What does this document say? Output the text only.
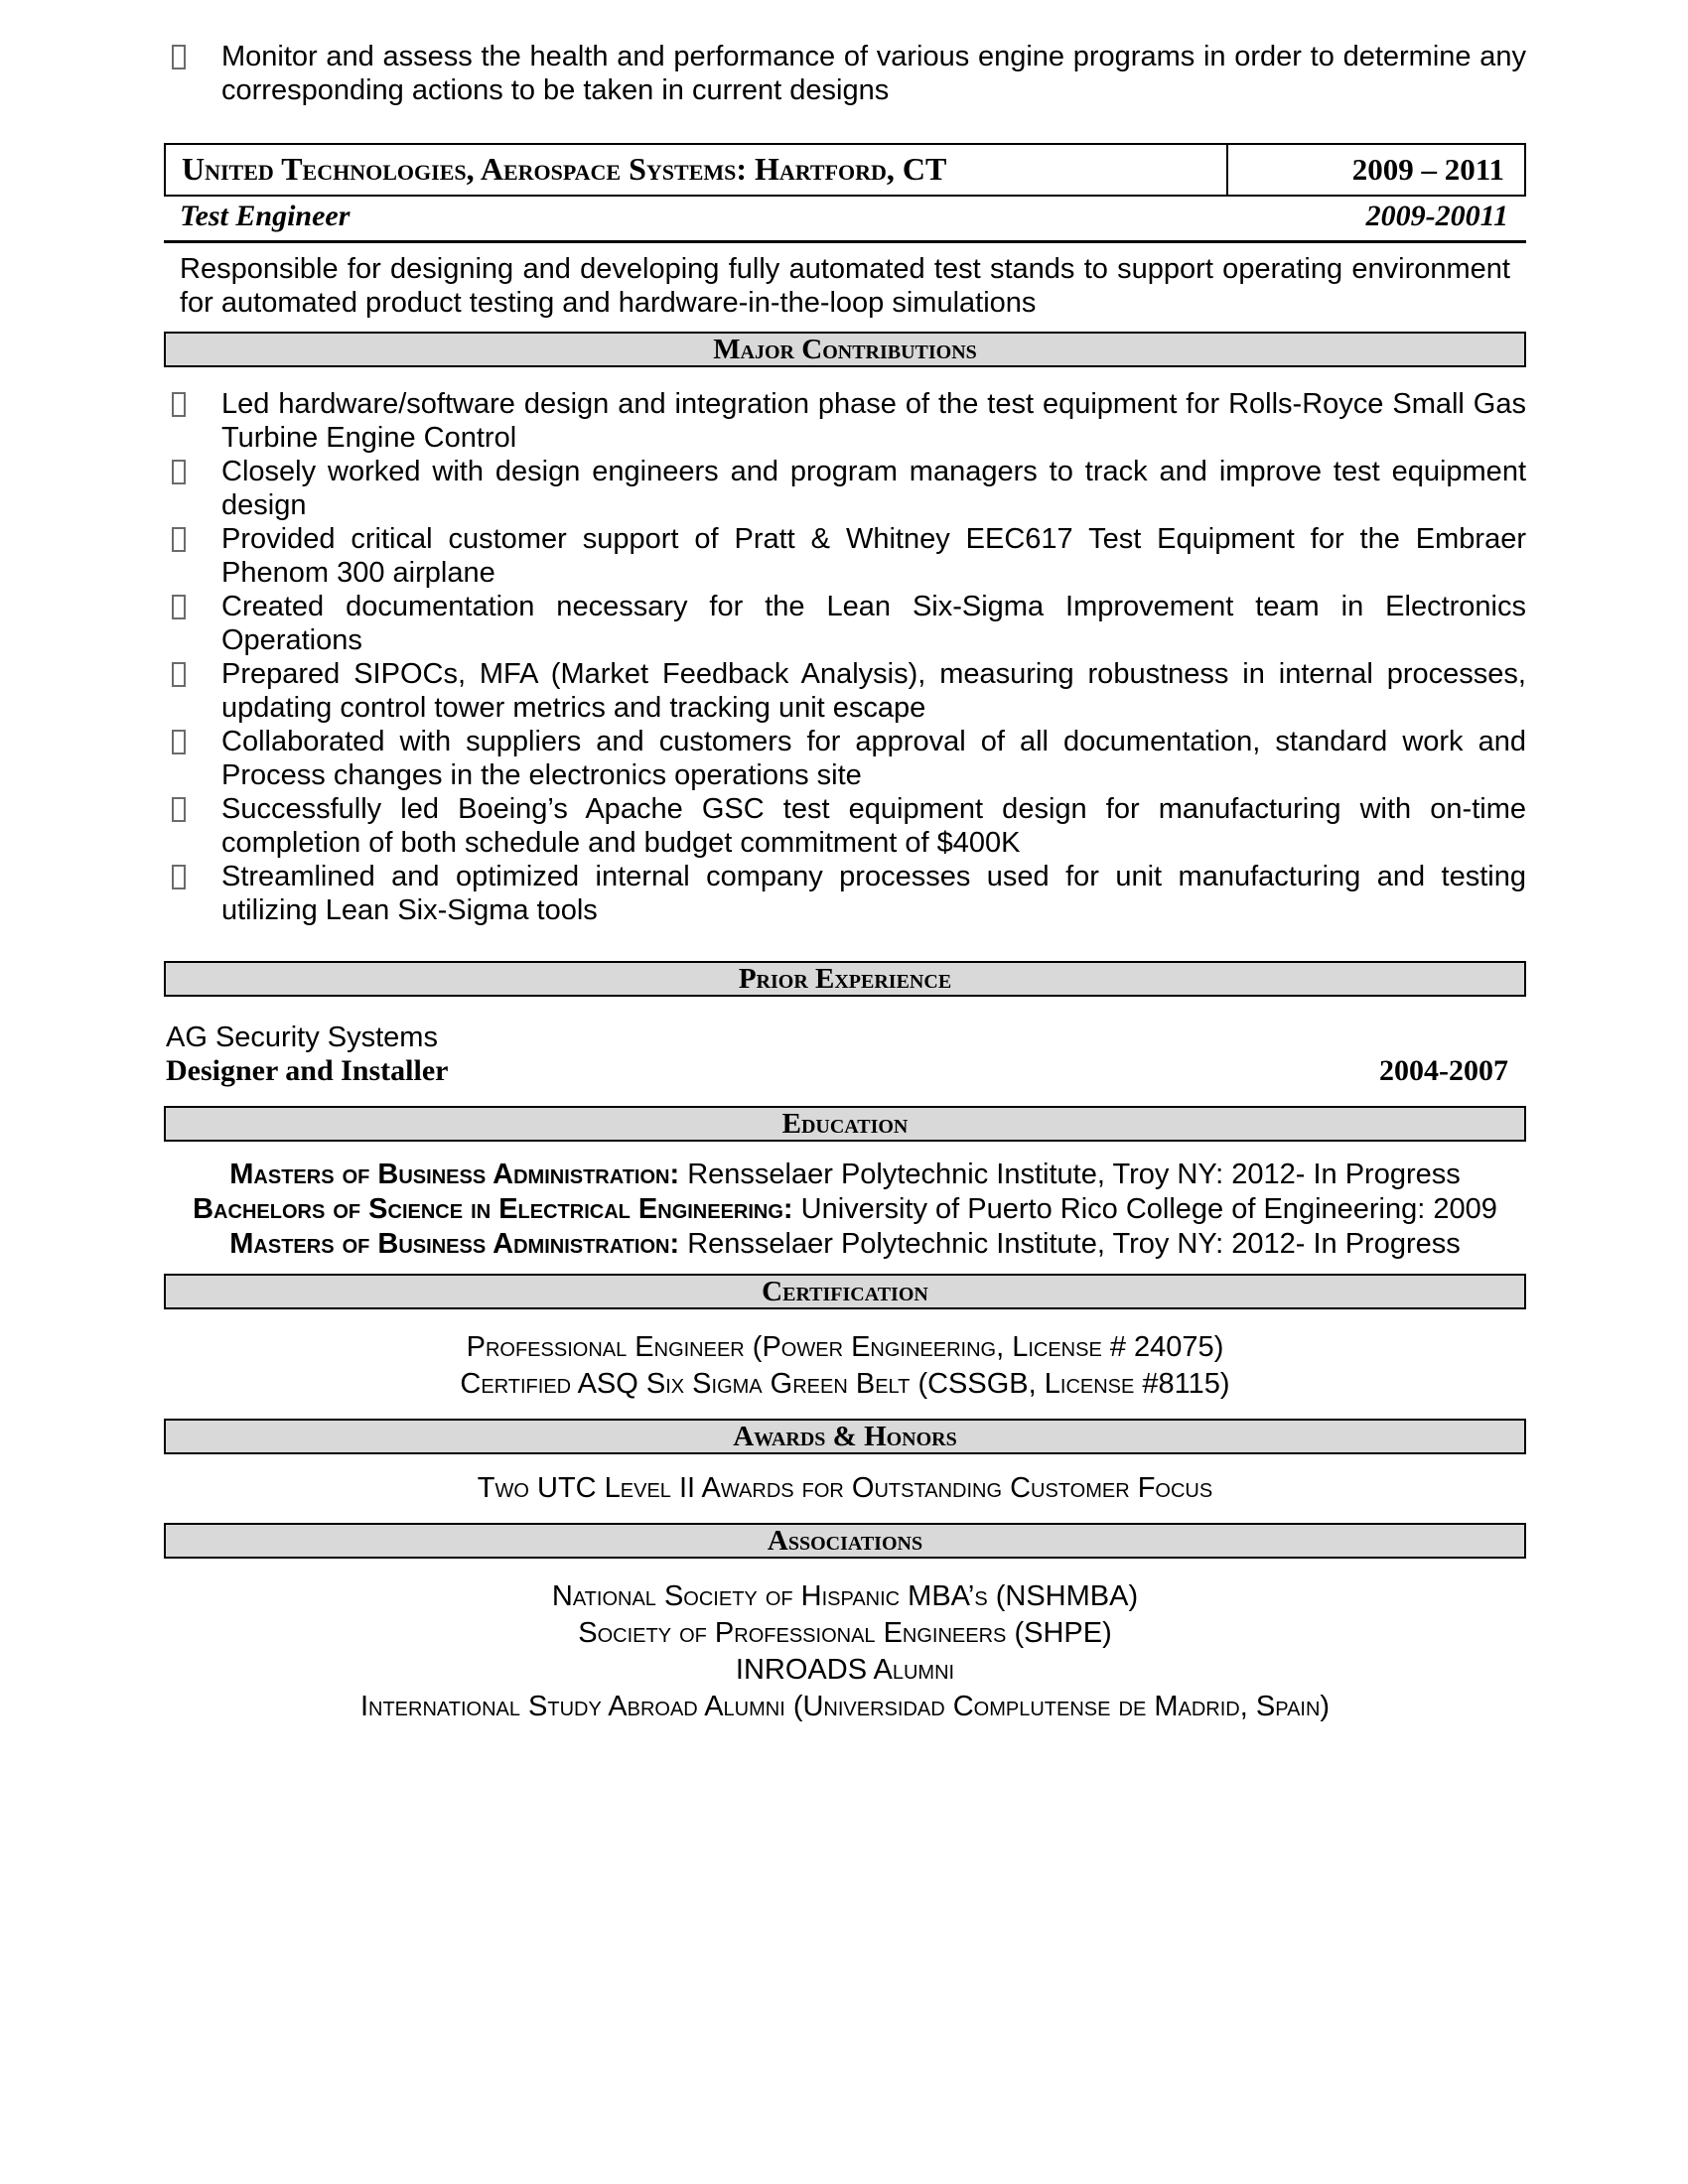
Monitor and assess the health and performance of various engine programs in order to determine any corresponding actions to be taken in current designs
United Technologies, Aerospace Systems: Hartford, CT	2009 – 2011
Test Engineer	2009-20011
Responsible for designing and developing fully automated test stands to support operating environment for automated product testing and hardware-in-the-loop simulations
Major Contributions
Led hardware/software design and integration phase of the test equipment for Rolls-Royce Small Gas Turbine Engine Control
Closely worked with design engineers and program managers to track and improve test equipment design
Provided critical customer support of Pratt & Whitney EEC617 Test Equipment for the Embraer Phenom 300 airplane
Created documentation necessary for the Lean Six-Sigma Improvement team in Electronics Operations
Prepared SIPOCs, MFA (Market Feedback Analysis), measuring robustness in internal processes, updating control tower metrics and tracking unit escape
Collaborated with suppliers and customers for approval of all documentation, standard work and Process changes in the electronics operations site
Successfully led Boeing’s Apache GSC test equipment design for manufacturing with on-time completion of both schedule and budget commitment of $400K
Streamlined and optimized internal company processes used for unit manufacturing and testing utilizing Lean Six-Sigma tools
Prior Experience
AG Security Systems
Designer and Installer	2004-2007
Education
Masters of Business Administration: Rensselaer Polytechnic Institute, Troy NY: 2012- In Progress
Bachelors of Science in Electrical Engineering: University of Puerto Rico College of Engineering: 2009
Masters of Business Administration: Rensselaer Polytechnic Institute, Troy NY: 2012- In Progress
Certification
Professional Engineer (Power Engineering, License # 24075)
Certified ASQ Six Sigma Green Belt (CSSGB, License #8115)
Awards & Honors
Two UTC Level II Awards for Outstanding Customer Focus
Associations
National Society of Hispanic MBA’s (NSHMBA)
Society of Professional Engineers (SHPE)
INROADS Alumni
International Study Abroad Alumni (Universidad Complutense de Madrid, Spain)
